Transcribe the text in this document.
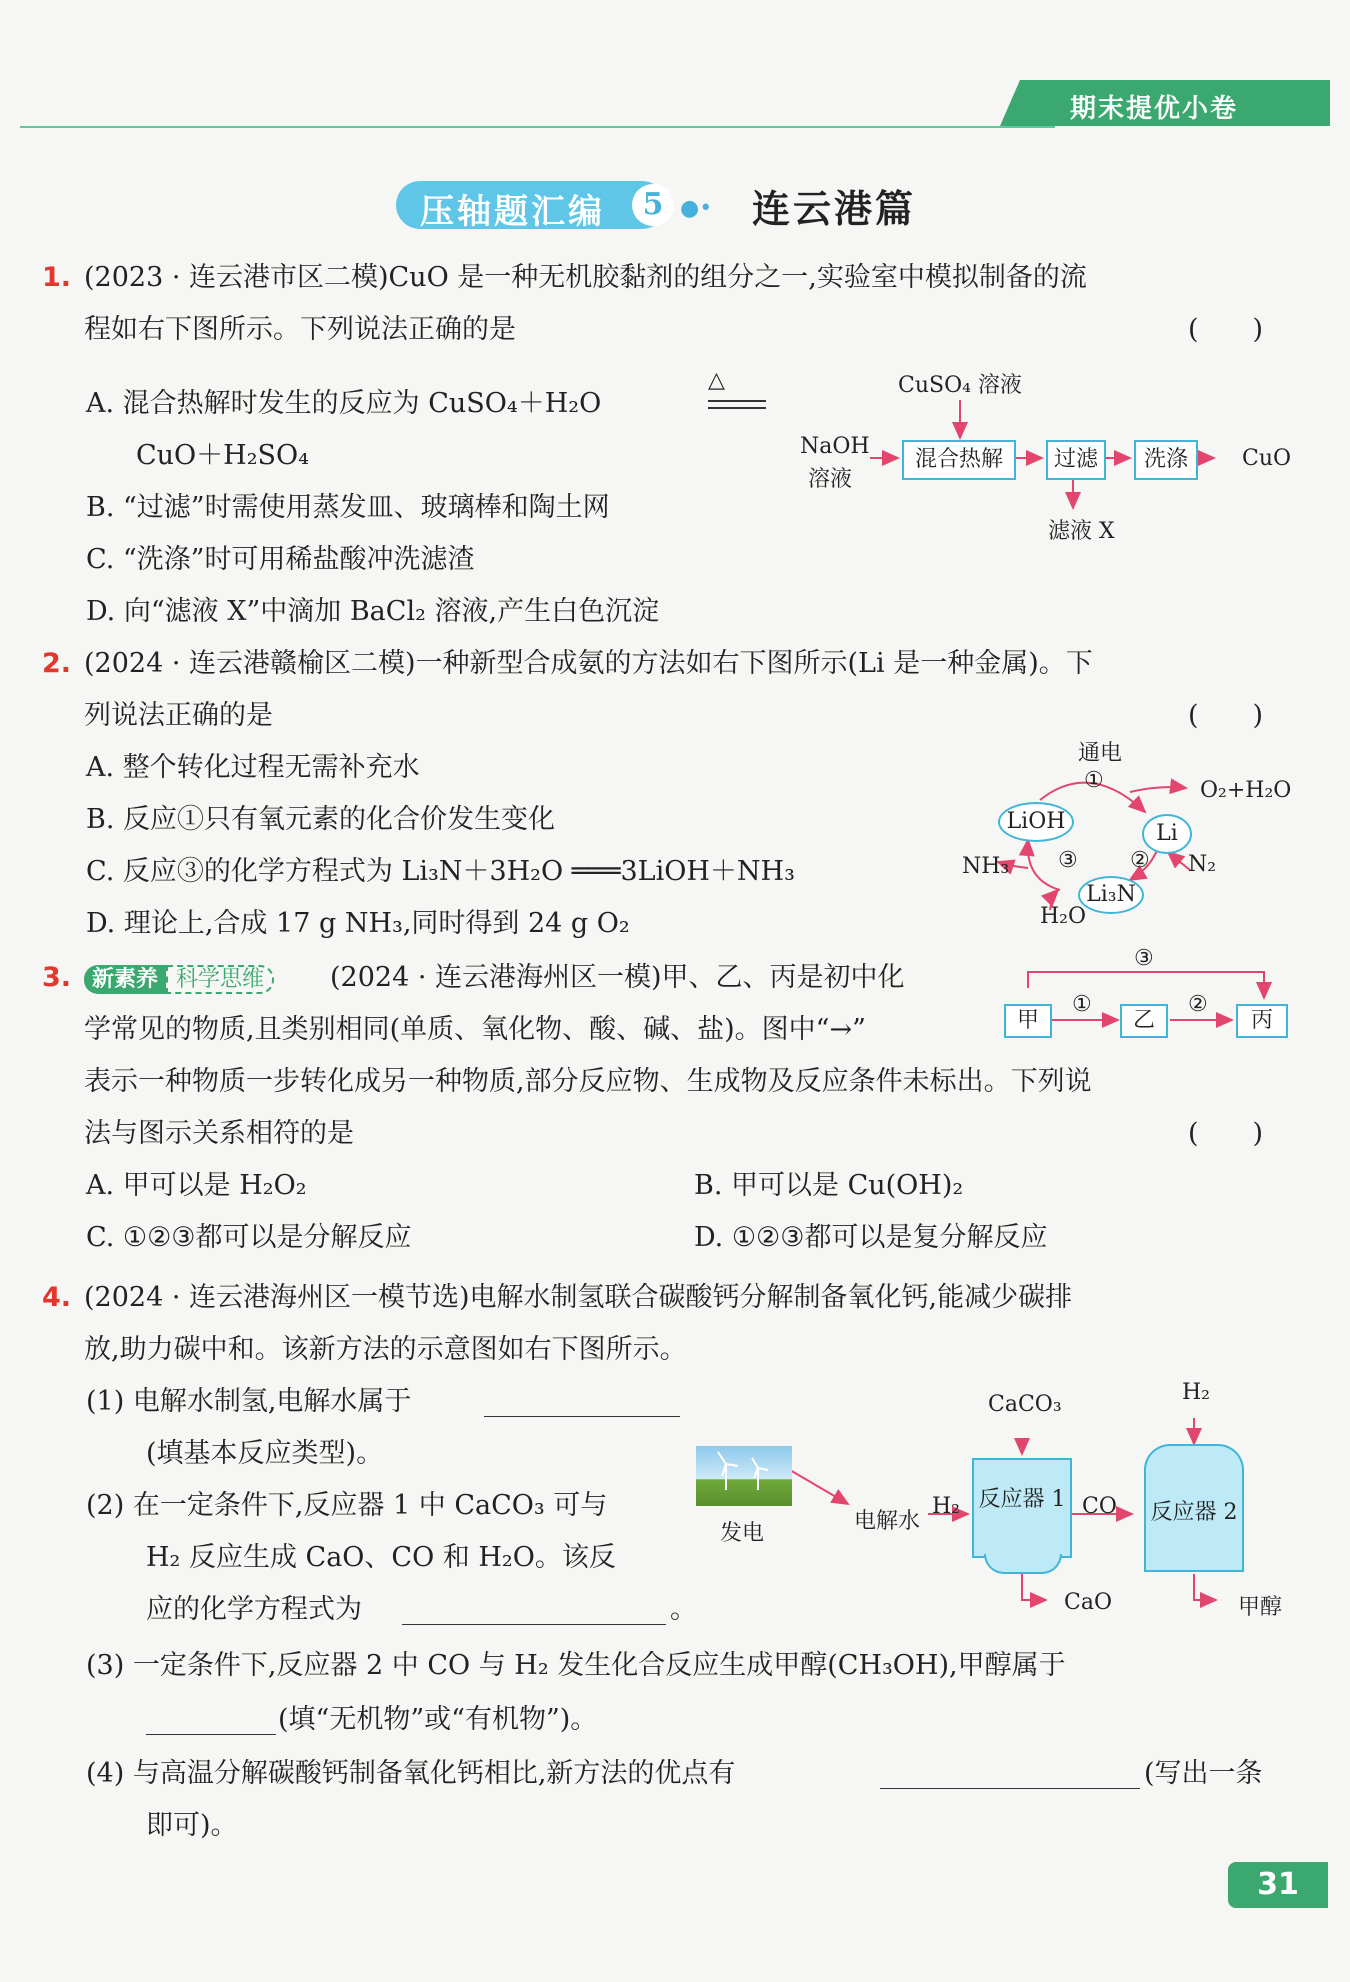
期末提优小卷
压轴题汇编	5 ●• 连云港篇
1. (2023 · 连云港市区二模)CuO 是一种无机胶黏剂的组分之一,实验室中模拟制备的流
程如右下图所示。下列说法正确的是	(　　)
A. 混合热解时发生的反应为 CuSO₄＋H₂O
△
CuO＋H₂SO₄
B. “过滤”时需使用蒸发皿、玻璃棒和陶土网
C. “洗涤”时可用稀盐酸冲洗滤渣
D. 向“滤液 X”中滴加 BaCl₂ 溶液,产生白色沉淀
CuSO₄ 溶液
NaOH
溶液
混合热解	过滤	洗涤	CuO
滤液 X
2. (2024 · 连云港赣榆区二模)一种新型合成氨的方法如右下图所示(Li 是一种金属)。下
列说法正确的是	(　　)
A. 整个转化过程无需补充水
B. 反应①只有氧元素的化合价发生变化
C. 反应③的化学方程式为 Li₃N＋3H₂O ═══3LiOH＋NH₃
D. 理论上,合成 17 g NH₃,同时得到 24 g O₂
通电
①
LiOH	Li
Li₃N
O₂+H₂O
③ ② N₂
NH₃
H₂O
3. 新素养 科学思维	(2024 · 连云港海州区一模)甲、乙、丙是初中化
学常见的物质,且类别相同(单质、氧化物、酸、碱、盐)。图中“→”
表示一种物质一步转化成另一种物质,部分反应物、生成物及反应条件未标出。下列说
法与图示关系相符的是	(　　)
A. 甲可以是 H₂O₂	B. 甲可以是 Cu(OH)₂
C. ①②③都可以是分解反应	D. ①②③都可以是复分解反应
③
①	②
甲	乙	丙
4. (2024 · 连云港海州区一模节选)电解水制氢联合碳酸钙分解制备氧化钙,能减少碳排
放,助力碳中和。该新方法的示意图如右下图所示。
(1) 电解水制氢,电解水属于
(填基本反应类型)。
(2) 在一定条件下,反应器 1 中 CaCO₃ 可与
H₂ 反应生成 CaO、CO 和 H₂O。该反
应的化学方程式为	。
(3) 一定条件下,反应器 2 中 CO 与 H₂ 发生化合反应生成甲醇(CH₃OH),甲醇属于
(填“无机物”或“有机物”)。
(4) 与高温分解碳酸钙制备氧化钙相比,新方法的优点有	(写出一条
即可)。
发电	电解水
H₂
CaCO₃
反应器 1 CO
H₂
反应器 2
CaO	甲醇
31
